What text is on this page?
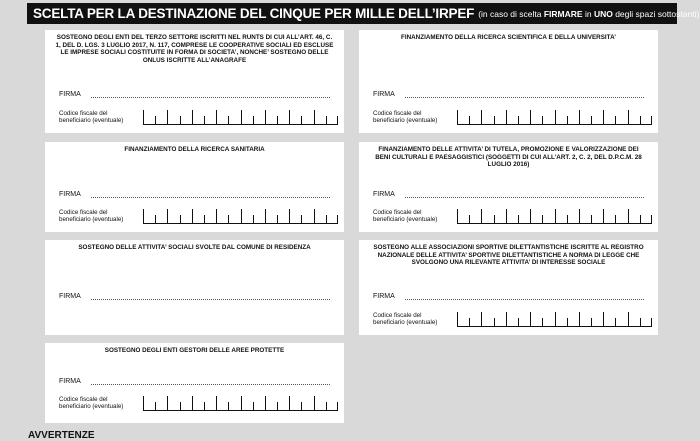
SCELTA PER LA DESTINAZIONE DEL CINQUE PER MILLE DELL’IRPEF (in caso di scelta FIRMARE in UNO degli spazi sottostanti)
SOSTEGNO DEGLI ENTI DEL TERZO SETTORE ISCRITTI NEL RUNTS DI CUI ALL’ART. 46, C. 1, DEL D. LGS. 3 LUGLIO 2017, N. 117, COMPRESE LE COOPERATIVE SOCIALI ED ESCLUSE LE IMPRESE SOCIALI COSTITUITE IN FORMA DI SOCIETA’, NONCHE’ SOSTEGNO DELLE ONLUS ISCRITTE ALL’ANAGRAFE
FIRMA
Codice fiscale del
beneficiario (eventuale)
FINANZIAMENTO DELLA RICERCA SCIENTIFICA E DELLA UNIVERSITA’
FIRMA
Codice fiscale del
beneficiario (eventuale)
FINANZIAMENTO DELLA RICERCA SANITARIA
FIRMA
Codice fiscale del
beneficiario (eventuale)
FINANZIAMENTO DELLE ATTIVITA’ DI TUTELA, PROMOZIONE E VALORIZZAZIONE DEI BENI CULTURALI E PAESAGGISTICI (SOGGETTI DI CUI ALL’ART. 2, C. 2, DEL D.P.C.M. 28 LUGLIO 2016)
FIRMA
Codice fiscale del
beneficiario (eventuale)
SOSTEGNO DELLE ATTIVITA’ SOCIALI SVOLTE DAL COMUNE DI RESIDENZA
FIRMA
SOSTEGNO ALLE ASSOCIAZIONI SPORTIVE DILETTANTISTICHE ISCRITTE AL REGISTRO NAZIONALE DELLE ATTIVITA’ SPORTIVE DILETTANTISTICHE A NORMA DI LEGGE CHE SVOLGONO UNA RILEVANTE ATTIVITA’ DI INTERESSE SOCIALE
FIRMA
Codice fiscale del
beneficiario (eventuale)
SOSTEGNO DEGLI ENTI GESTORI DELLE AREE PROTETTE
FIRMA
Codice fiscale del
beneficiario (eventuale)
AVVERTENZE
